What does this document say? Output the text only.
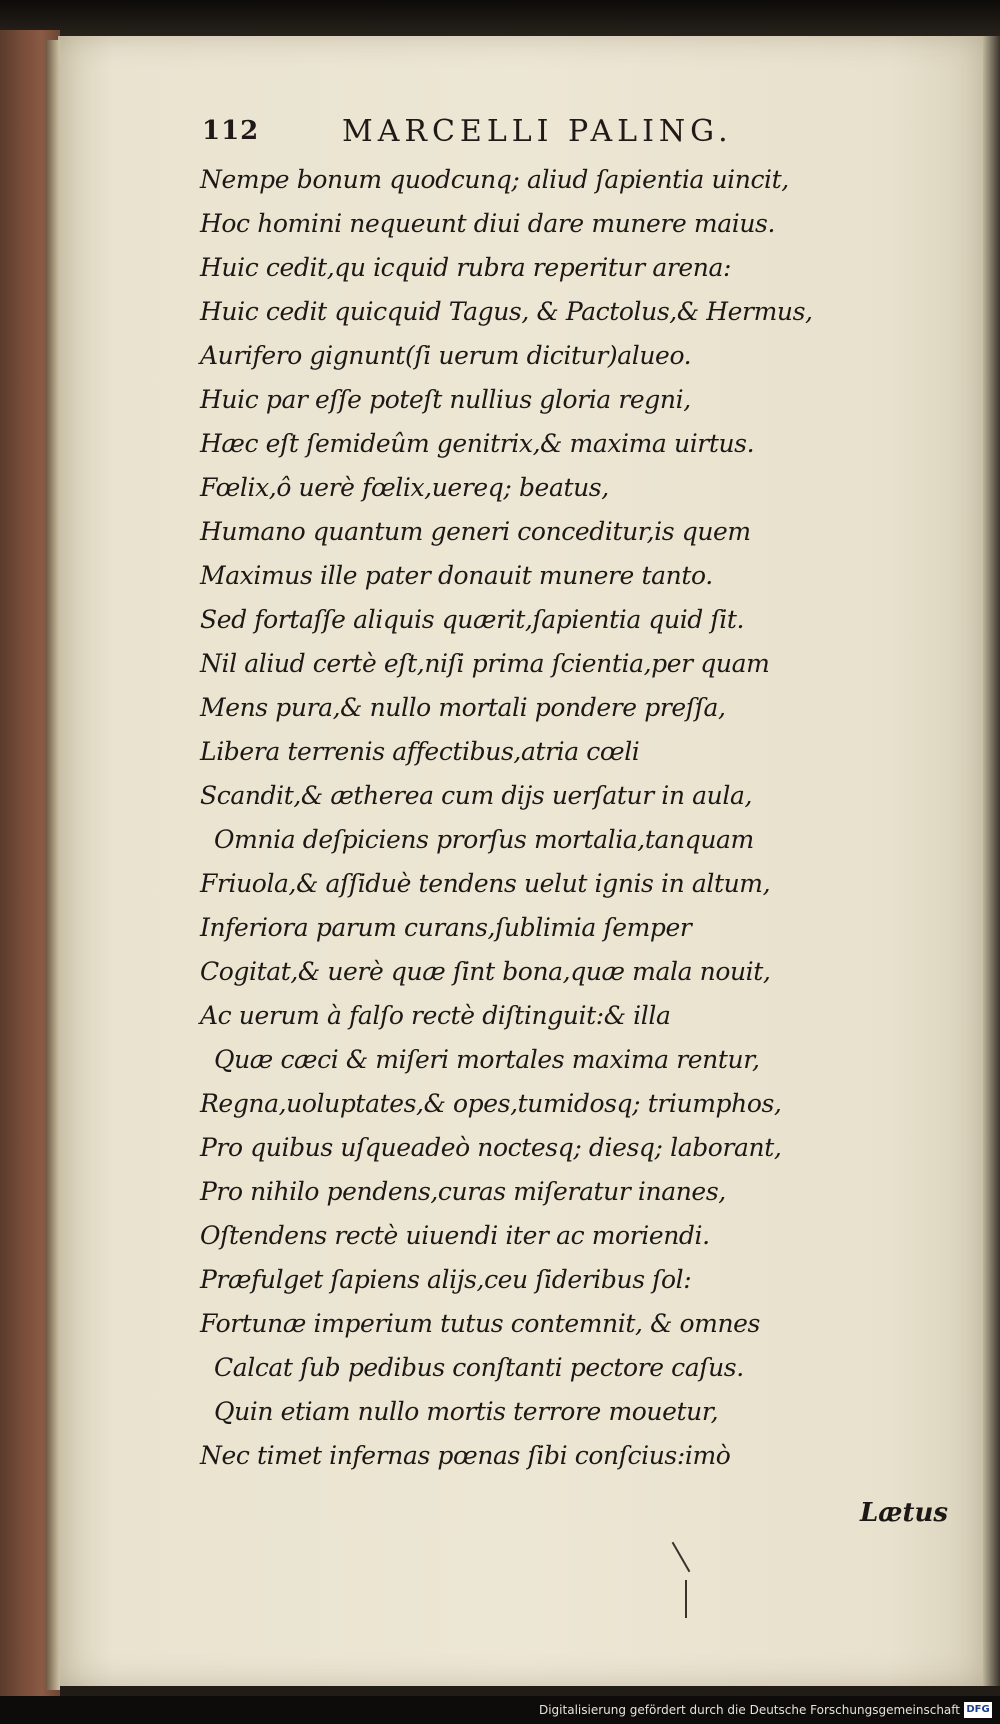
112	MARCELLI PALING.
Nempe bonum quodcunq; aliud ſapientia uincit,
Hoc homini nequeunt diui dare munere maius.
Huic cedit,qu icquid rubra reperitur arena:
Huic cedit quicquid Tagus, & Pactolus,& Hermus,
Aurifero gignunt(ſi uerum dicitur)alueo.
Huic par eſſe poteſt nullius gloria regni,
Hæc eſt ſemideûm genitrix,& maxima uirtus.
Fœlix,ô uerè fœlix,uereq; beatus,
Humano quantum generi conceditur,is quem
Maximus ille pater donauit munere tanto.
Sed fortaſſe aliquis quærit,ſapientia quid ſit.
Nil aliud certè eſt,niſi prima ſcientia,per quam
Mens pura,& nullo mortali pondere preſſa,
Libera terrenis affectibus,atria cœli
Scandit,& ætherea cum dijs uerſatur in aula,
Omnia deſpiciens prorſus mortalia,tanquam
Friuola,& aſſiduè tendens uelut ignis in altum,
Inferiora parum curans,ſublimia ſemper
Cogitat,& uerè quæ ſint bona,quæ mala nouit,
Ac uerum à falſo rectè diſtinguit:& illa
Quæ cæci & miſeri mortales maxima rentur,
Regna,uoluptates,& opes,tumidosq; triumphos,
Pro quibus uſqueadeò noctesq; diesq; laborant,
Pro nihilo pendens,curas miſeratur inanes,
Oſtendens rectè uiuendi iter ac moriendi.
Præfulget ſapiens alijs,ceu ſideribus ſol:
Fortunæ imperium tutus contemnit, & omnes
Calcat ſub pedibus conſtanti pectore caſus.
Quin etiam nullo mortis terrore mouetur,
Nec timet infernas pœnas ſibi conſcius:imò
Lætus
Digitalisierung gefördert durch die Deutsche Forschungsgemeinschaft DFG
